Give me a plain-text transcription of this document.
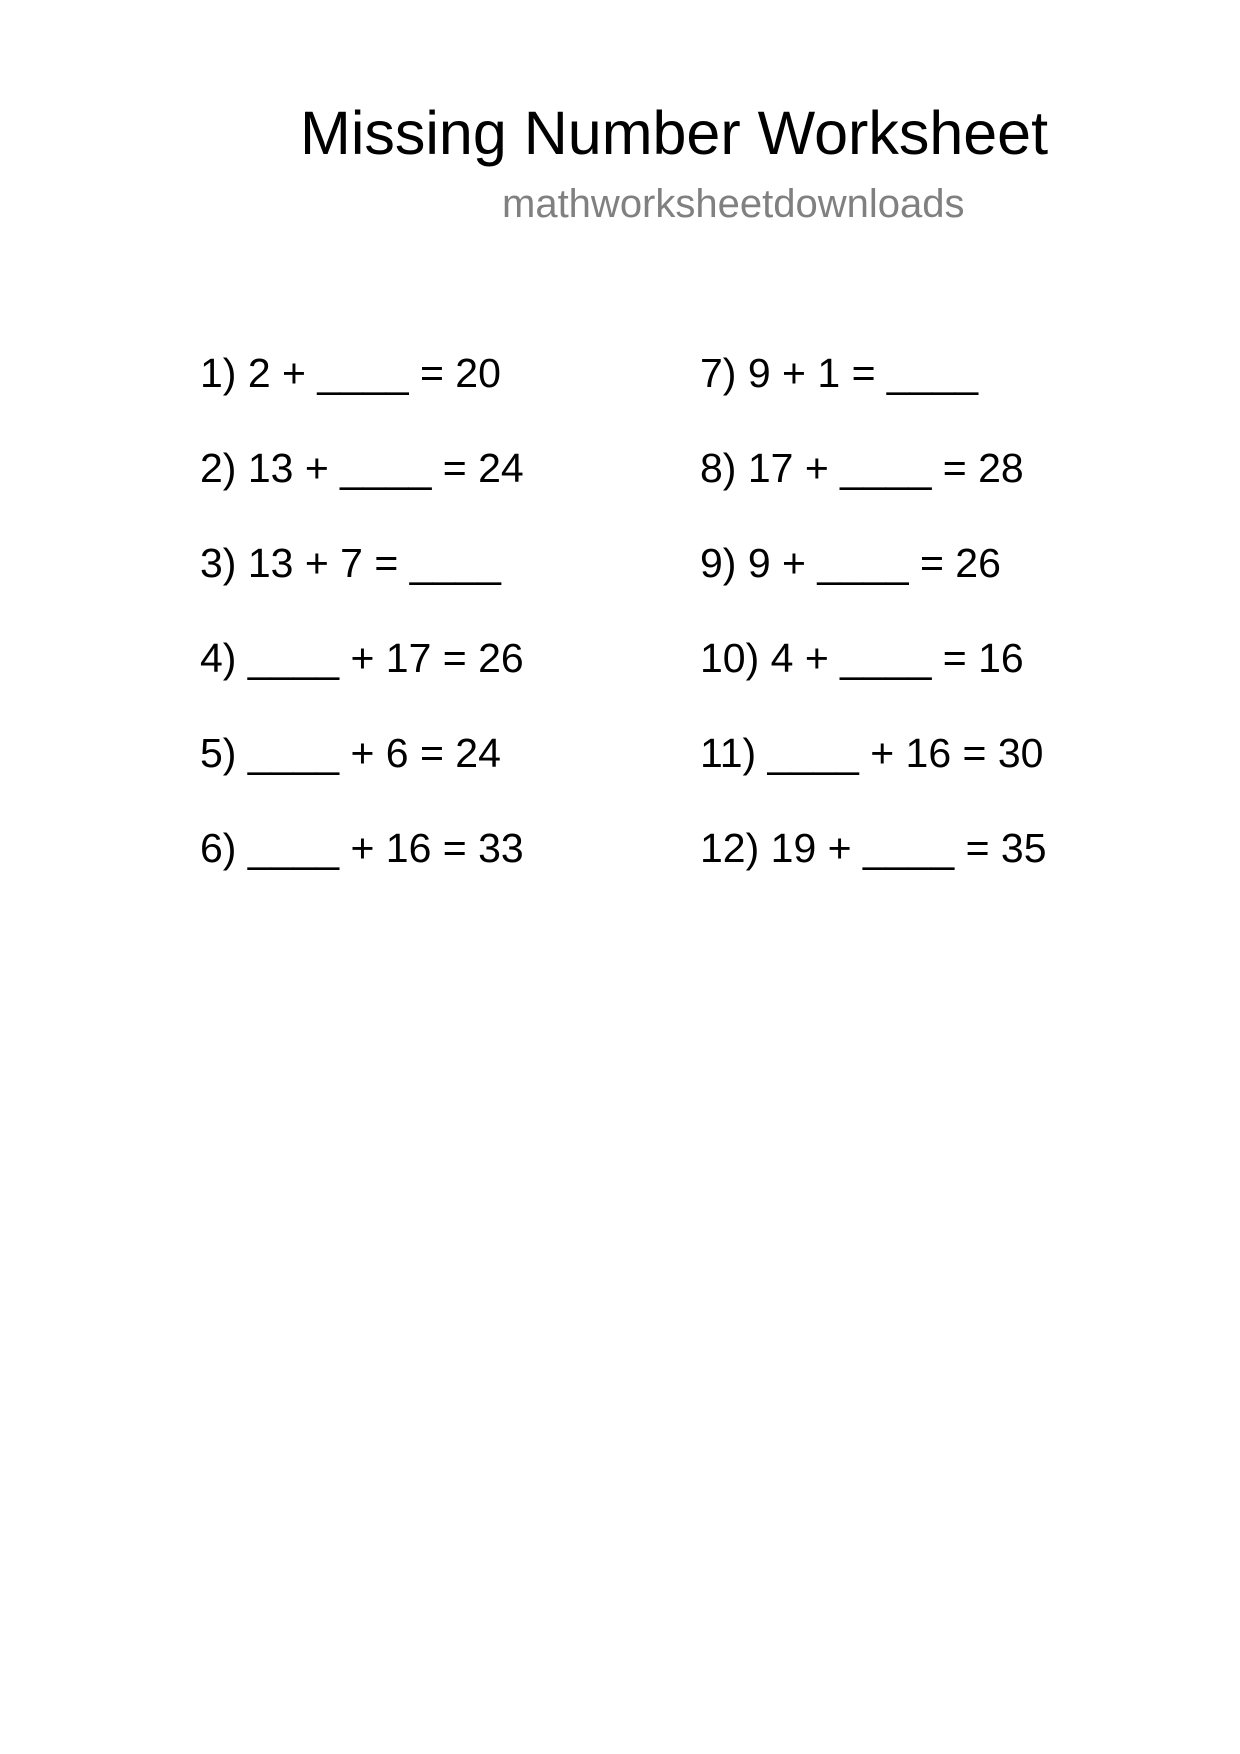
Missing Number Worksheet
mathworksheetdownloads
1) 2 + ____ = 20
2) 13 + ____ = 24
3) 13 + 7 = ____
4) ____ + 17 = 26
5) ____ + 6 = 24
6) ____ + 16 = 33
7) 9 + 1 = ____
8) 17 + ____ = 28
9) 9 + ____ = 26
10) 4 + ____ = 16
11) ____ + 16 = 30
12) 19 + ____ = 35
